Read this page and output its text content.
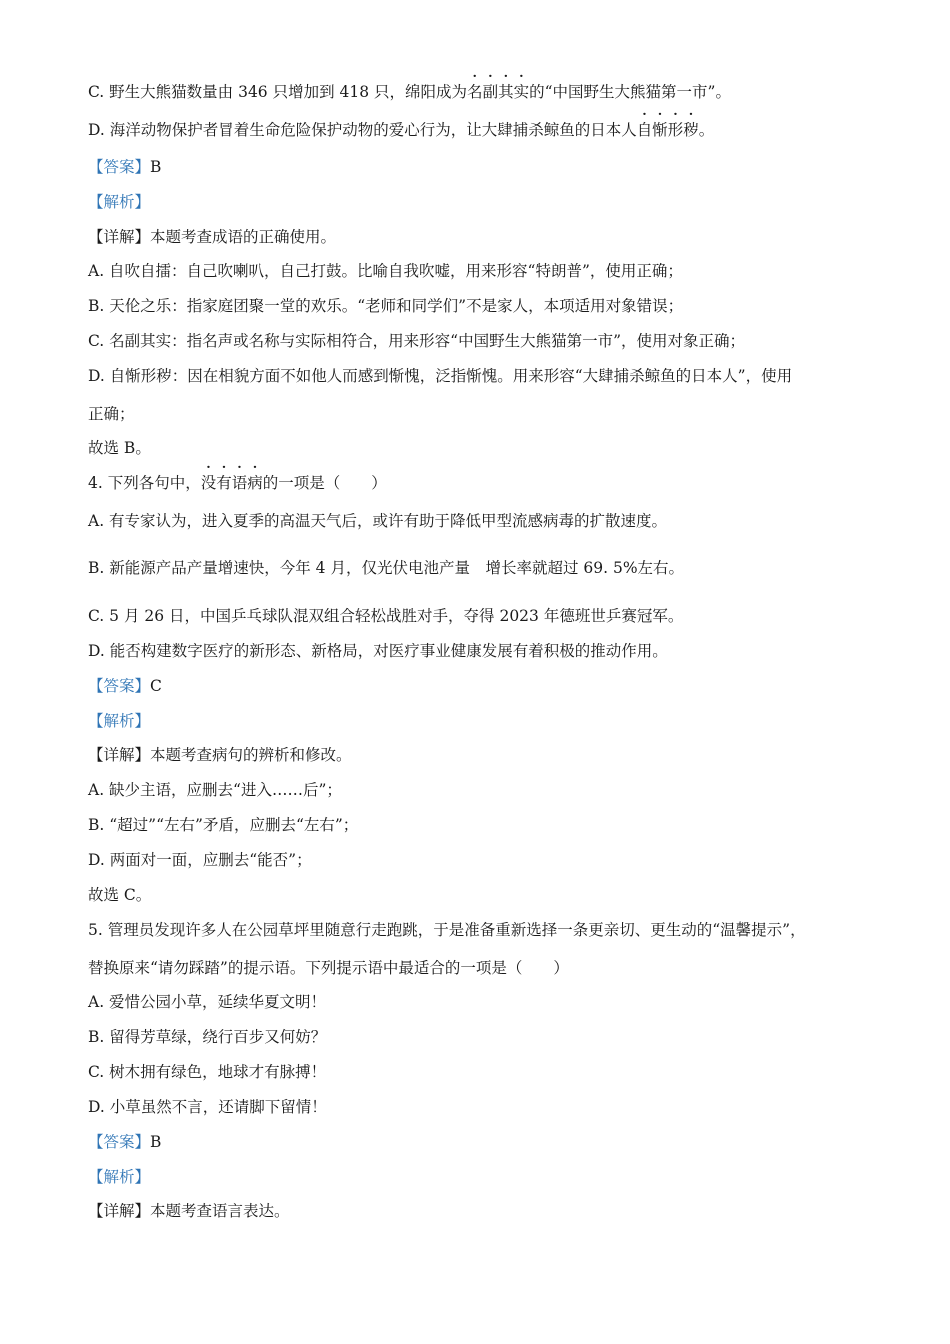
C. 野生大熊猫数量由 346 只增加到 418 只，绵阳成为名副其实的“中国野生大熊猫第一市”。
D. 海洋动物保护者冒着生命危险保护动物的爱心行为，让大肆捕杀鲸鱼的日本人自惭形秽。
【答案】B
【解析】
【详解】本题考查成语的正确使用。
A. 自吹自擂：自己吹喇叭，自己打鼓。比喻自我吹嘘，用来形容“特朗普”，使用正确；
B. 天伦之乐：指家庭团聚一堂的欢乐。“老师和同学们”不是家人，本项适用对象错误；
C. 名副其实：指名声或名称与实际相符合，用来形容“中国野生大熊猫第一市”，使用对象正确；
D. 自惭形秽：因在相貌方面不如他人而感到惭愧，泛指惭愧。用来形容“大肆捕杀鲸鱼的日本人”，使用
正确；
故选 B。
4. 下列各句中，没有语病的一项是（　　）
A. 有专家认为，进入夏季的高温天气后，或许有助于降低甲型流感病毒的扩散速度。
B. 新能源产品产量增速快，今年 4 月，仅光伏电池产量　增长率就超过 69. 5%左右。
C. 5 月 26 日，中国乒乓球队混双组合轻松战胜对手，夺得 2023 年德班世乒赛冠军。
D. 能否构建数字医疗的新形态、新格局，对医疗事业健康发展有着积极的推动作用。
【答案】C
【解析】
【详解】本题考查病句的辨析和修改。
A. 缺少主语，应删去“进入……后”；
B. “超过”“左右”矛盾，应删去“左右”；
D. 两面对一面，应删去“能否”；
故选 C。
5. 管理员发现许多人在公园草坪里随意行走跑跳，于是准备重新选择一条更亲切、更生动的“温馨提示”，
替换原来“请勿踩踏”的提示语。下列提示语中最适合的一项是（　　）
A. 爱惜公园小草，延续华夏文明！
B. 留得芳草绿，绕行百步又何妨？
C. 树木拥有绿色，地球才有脉搏！
D. 小草虽然不言，还请脚下留情！
【答案】B
【解析】
【详解】本题考查语言表达。
